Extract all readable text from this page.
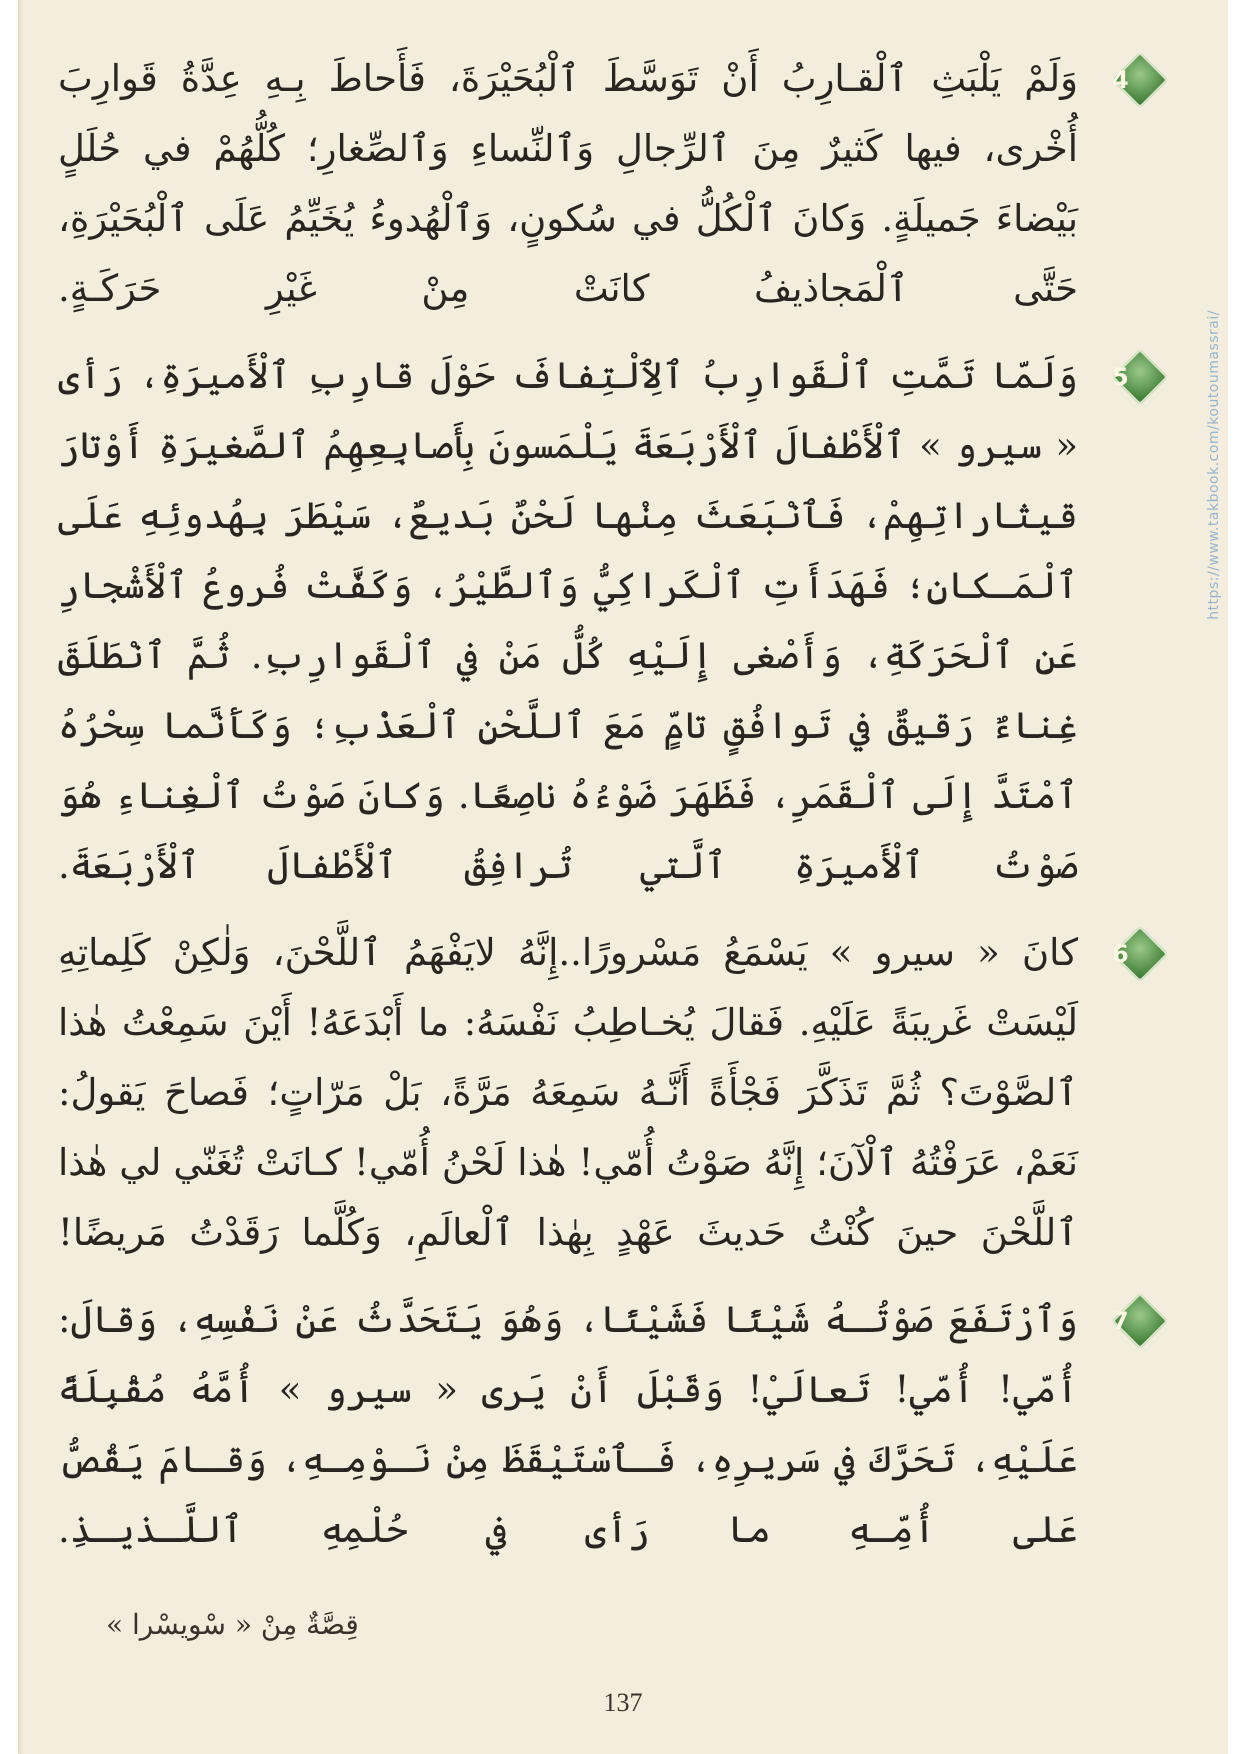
4
وَلَمْ يَلْبَثِ ٱلْقـارِبُ أَنْ تَوَسَّطَ ٱلْبُحَيْرَةَ، فَأَحاطَ بِـهِ عِدَّةُ قَوارِبَ أُخْرى، فيها كَثيرٌ مِنَ ٱلرِّجالِ وَٱلنِّساءِ وَٱلصِّغارِ؛ كُلُّهُمْ في حُلَلٍ بَيْضاءَ جَميلَةٍ. وَكانَ ٱلْكُلُّ في سُكونٍ، وَٱلْهُدوءُ يُخَيِّمُ عَلَى ٱلْبُحَيْرَةِ، حَتَّى ٱلْمَجاذيفُ كانَتْ مِنْ غَيْرِ حَرَكَـةٍ.
5
وَلَمّا تَمَّتِ ٱلْقَوارِبُ ٱلِٱلْتِفافَ حَوْلَ قارِبِ ٱلْأَميرَةِ، رَأى « سيرو » ٱلْأَطْفالَ ٱلْأَرْبَعَةَ يَلْمَسونَ بِأَصابِعِهِمُ ٱلصَّغيرَةِ أَوْتارَ قيثاراتِهِمْ، فَٱنْبَعَثَ مِنْها لَحْنٌ بَديعٌ، سَيْطَرَ بِهُدوئِهِ عَلَى ٱلْمَـكانِ؛ فَهَدَأَتِ ٱلْكَراكِيُّ وَٱلطَّيْرُ، وَكَفَّتْ فُروعُ ٱلْأَشْجارِ عَنِ ٱلْحَرَكَةِ، وَأَصْغى إِلَيْهِ كُلُّ مَنْ في ٱلْقَوارِبِ. ثُمَّ ٱنْطَلَقَ غِناءٌ رَقيقٌ في تَوافُقٍ تامٍّ مَعَ ٱللَّحْنِ ٱلْعَذْبِ؛ وَكَأَنَّما سِحْرُهُ ٱمْتَدَّ إِلَى ٱلْقَمَرِ، فَظَهَرَ ضَوْءُهُ ناصِعًا. وَكانَ صَوْتُ ٱلْغِناءِ هُوَ صَوْتُ ٱلْأَميرَةِ ٱلَّتي تُرافِقُ ٱلْأَطْفالَ ٱلْأَرْبَعَةَ.
6
كانَ « سيرو » يَسْمَعُ مَسْرورًا..إِنَّهُ لايَفْهَمُ ٱللَّحْنَ، وَلٰكِنْ كَلِماتِهِ لَيْسَتْ غَريبَةً عَلَيْهِ. فَقالَ يُخـاطِبُ نَفْسَهُ: ما أَبْدَعَهُ! أَيْنَ سَمِعْتُ هٰذا ٱلصَّوْتَ؟ ثُمَّ تَذَكَّرَ فَجْأَةً أَنَّـهُ سَمِعَهُ مَرَّةً، بَلْ مَرّاتٍ؛ فَصاحَ يَقولُ: نَعَمْ، عَرَفْتُهُ ٱلْآنَ؛ إِنَّهُ صَوْتُ أُمّي! هٰذا لَحْنُ أُمّي! كـانَتْ تُغَنّي لي هٰذا ٱللَّحْنَ حينَ كُنْتُ حَديثَ عَهْدٍ بِهٰذا ٱلْعالَمِ، وَكُلَّما رَقَدْتُ مَريضًا!
7
وَٱرْتَفَعَ صَوْتُـهُ شَيْئًا فَشَيْئًا، وَهُوَ يَتَحَدَّثُ عَنْ نَفْسِهِ، وَقالَ: أُمّي! أُمّي! تَعالَيْ! وَقَبْلَ أَنْ يَرى « سيرو » أُمَّهُ مُقْبِلَةً عَلَيْهِ، تَحَرَّكَ في سَريرِهِ، فَـٱسْتَيْقَظَ مِنْ نَـوْمِـهِ، وَقـامَ يَقُصُّ عَلى أُمِّـهِ ما رَأى في حُلْمِهِ ٱللَّـذيـذِ.
قِصَّةٌ مِنْ « سْويسْرا »
137
https://www.takbook.com/koutoumassrai/
